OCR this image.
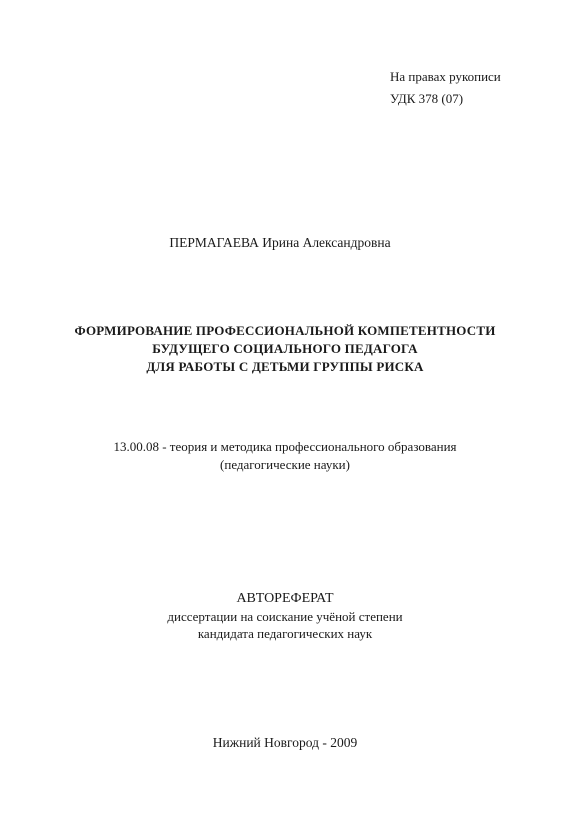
На правах рукописи
УДК 378 (07)
ПЕРМАГАЕВА Ирина Александровна
ФОРМИРОВАНИЕ ПРОФЕССИОНАЛЬНОЙ КОМПЕТЕНТНОСТИ
БУДУЩЕГО СОЦИАЛЬНОГО ПЕДАГОГА
ДЛЯ РАБОТЫ С ДЕТЬМИ ГРУППЫ РИСКА
13.00.08 - теория и методика профессионального образования
(педагогические науки)
АВТОРЕФЕРАТ
диссертации на соискание учёной степени
кандидата педагогических наук
Нижний Новгород - 2009
